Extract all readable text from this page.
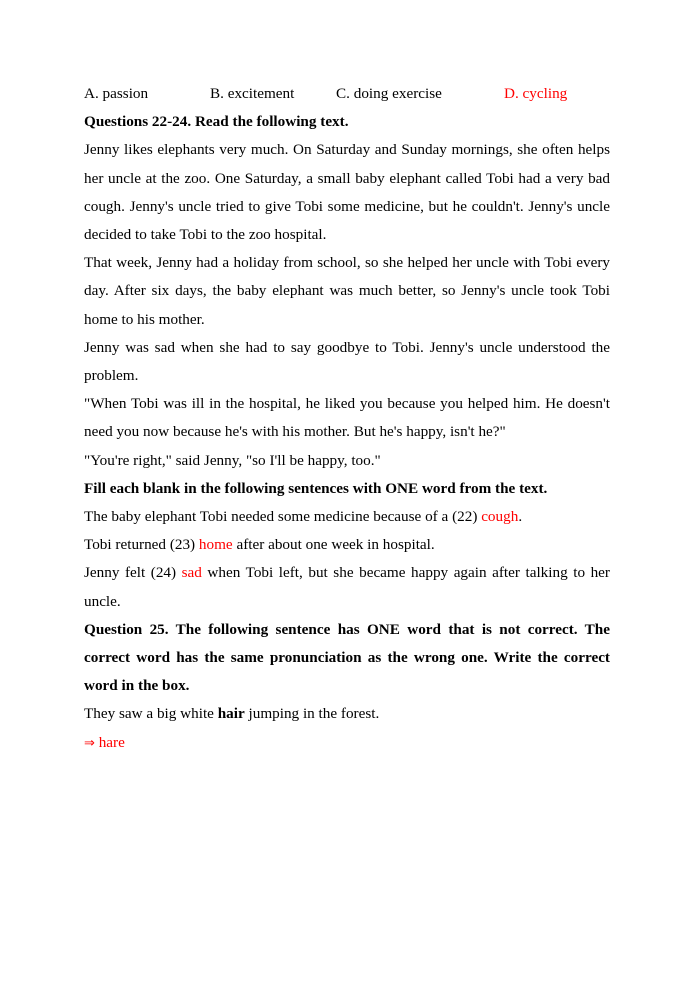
A. passion	B. excitement	C. doing exercise	D. cycling

Questions 22-24. Read the following text.

Jenny likes elephants very much. On Saturday and Sunday mornings, she often helps her uncle at the zoo. One Saturday, a small baby elephant called Tobi had a very bad cough. Jenny's uncle tried to give Tobi some medicine, but he couldn't. Jenny's uncle decided to take Tobi to the zoo hospital.

That week, Jenny had a holiday from school, so she helped her uncle with Tobi every day. After six days, the baby elephant was much better, so Jenny's uncle took Tobi home to his mother.

Jenny was sad when she had to say goodbye to Tobi. Jenny's uncle understood the problem.

"When Tobi was ill in the hospital, he liked you because you helped him. He doesn't need you now because he's with his mother. But he's happy, isn't he?"

"You're right," said Jenny, "so I'll be happy, too."

Fill each blank in the following sentences with ONE word from the text.

The baby elephant Tobi needed some medicine because of a (22) cough.

Tobi returned (23) home after about one week in hospital.

Jenny felt (24) sad when Tobi left, but she became happy again after talking to her uncle.

Question 25. The following sentence has ONE word that is not correct. The correct word has the same pronunciation as the wrong one. Write the correct word in the box.

They saw a big white hair jumping in the forest.

⇒ hare
